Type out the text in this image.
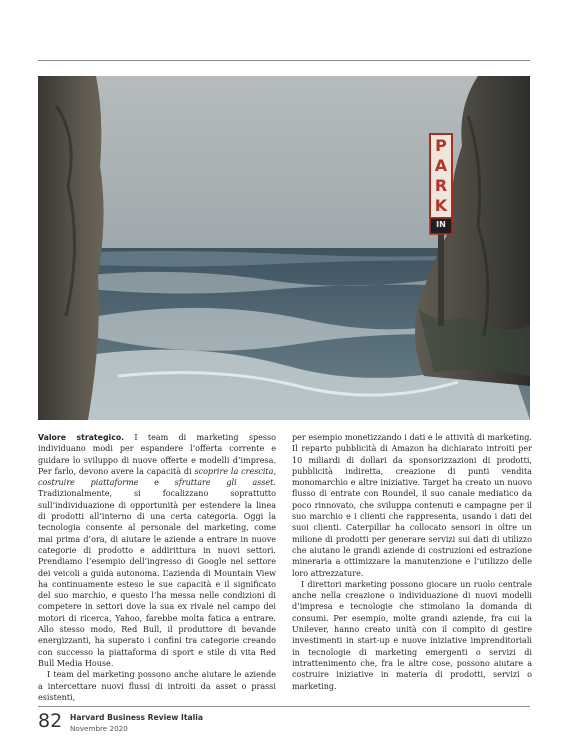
P
A
R
K
IN

Valore strategico. I team di marketing spesso individuano modi per espandere l’offerta corrente e guidare lo sviluppo di nuove offerte e modelli d’impresa. Per farlo, devono avere la capacità di scoprire la crescita, costruire piattaforme e sfruttare gli asset. Tradizionalmente, si focalizzano soprattutto sull’individuazione di opportunità per estendere la linea di prodotti all’interno di una certa categoria. Oggi la tecnologia consente al personale del marketing, come mai prima d’ora, di aiutare le aziende a entrare in nuove categorie di prodotto e addirittura in nuovi settori. Prendiamo l’esempio dell’ingresso di Google nel settore dei veicoli a guida autonoma. L’azienda di Mountain View ha continuamente esteso le sue capacità e il significato del suo marchio, e questo l’ha messa nelle condizioni di competere in settori dove la sua ex rivale nel campo dei motori di ricerca, Yahoo, farebbe molta fatica a entrare. Allo stesso modo, Red Bull, il produttore di bevande energizzanti, ha superato i confini tra categorie creando con successo la piattaforma di sport e stile di vita Red Bull Media House.

I team del marketing possono anche aiutare le aziende a intercettare nuovi flussi di introiti da asset o prassi esistenti,

per esempio monetizzando i dati e le attività di marketing. Il reparto pubblicità di Amazon ha dichiarato introiti per 10 miliardi di dollari da sponsorizzazioni di prodotti, pubblicità indiretta, creazione di punti vendita monomarchio e altre iniziative. Target ha creato un nuovo flusso di entrate con Roundel, il suo canale mediatico da poco rinnovato, che sviluppa contenuti e campagne per il suo marchio e i clienti che rappresenta, usando i dati dei suoi clienti. Caterpillar ha collocato sensori in oltre un milione di prodotti per generare servizi sui dati di utilizzo che aiutano le grandi aziende di costruzioni ed estrazione mineraria a ottimizzare la manutenzione e l’utilizzo delle loro attrezzature.

I direttori marketing possono giocare un ruolo centrale anche nella creazione o individuazione di nuovi modelli d’impresa e tecnologie che stimolano la domanda di consumi. Per esempio, molte grandi aziende, fra cui la Unilever, hanno creato unità con il compito di gestire investimenti in start-up e nuove iniziative imprenditoriali in tecnologie di marketing emergenti o servizi di intrattenimento che, fra le altre cose, possono aiutare a costruire iniziative in materia di prodotti, servizi o marketing.

82 Harvard Business Review Italia
Novembre 2020
